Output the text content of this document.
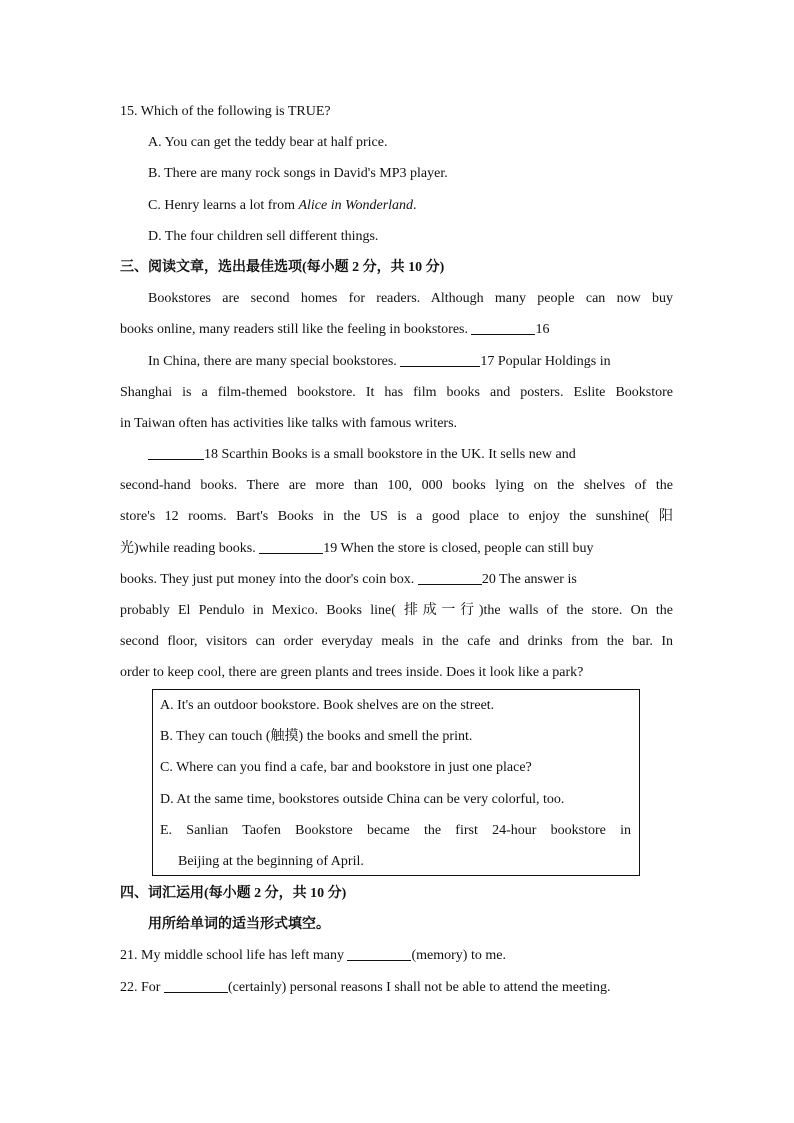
15. Which of the following is TRUE?
A. You can get the teddy bear at half price.
B. There are many rock songs in David's MP3 player.
C. Henry learns a lot from Alice in Wonderland.
D. The four children sell different things.
三、阅读文章，选出最佳选项(每小题 2 分，共 10 分)
Bookstores are second homes for readers. Although many people can now buy
books online, many readers still like the feeling in bookstores.	16
In China, there are many special bookstores.	17 Popular Holdings in
Shanghai is a film-themed bookstore. It has film books and posters. Eslite Bookstore
in Taiwan often has activities like talks with famous writers.
18 Scarthin Books is a small bookstore in the UK. It sells new and
second-hand books. There are more than 100, 000 books lying on the shelves of the
store's 12 rooms. Bart's Books in the US is a good place to enjoy the sunshine( 阳
光)while reading books.	19 When the store is closed, people can still buy
books. They just put money into the door's coin box.	20 The answer is
probably El Pendulo in Mexico. Books line( 排成一行)the walls of the store. On the
second floor, visitors can order everyday meals in the cafe and drinks from the bar. In
order to keep cool, there are green plants and trees inside. Does it look like a park?
A. It's an outdoor bookstore. Book shelves are on the street.
B. They can touch (触摸) the books and smell the print.
C. Where can you find a cafe, bar and bookstore in just one place?
D. At the same time, bookstores outside China can be very colorful, too.
E. Sanlian Taofen Bookstore became the first 24-hour bookstore in
Beijing at the beginning of April.
四、词汇运用(每小题 2 分，共 10 分)
用所给单词的适当形式填空。
21. My middle school life has left many	(memory) to me.
22. For	(certainly) personal reasons I shall not be able to attend the meeting.
